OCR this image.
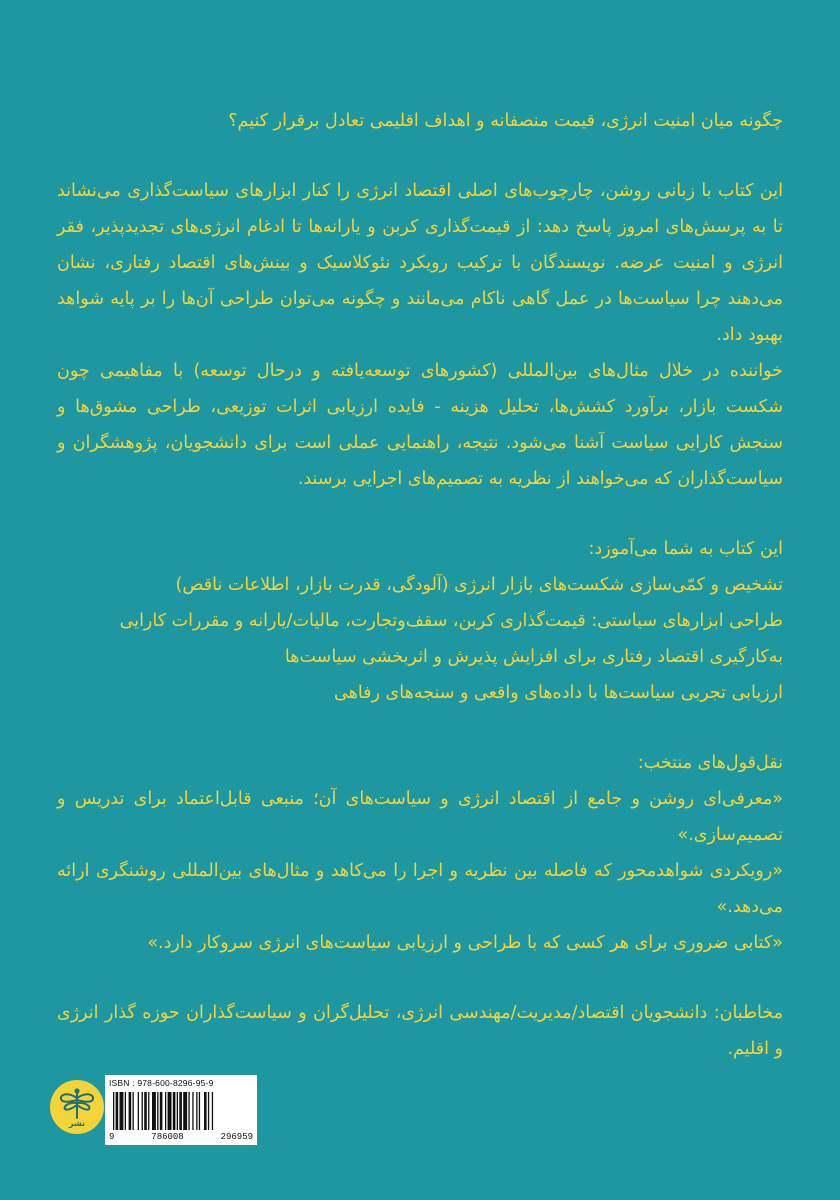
چگونه میان امنیت انرژی، قیمت منصفانه و اهداف اقلیمی تعادل برقرار کنیم؟

این کتاب با زبانی روشن، چارچوب‌های اصلی اقتصاد انرژی را کنار ابزارهای سیاست‌گذاری می‌نشاند تا به پرسش‌های امروز پاسخ دهد: از قیمت‌گذاری کربن و یارانه‌ها تا ادغام انرژی‌های تجدیدپذیر، فقر انرژی و امنیت عرضه. نویسندگان با ترکیب رویکرد نئوکلاسیک و بینش‌های اقتصاد رفتاری، نشان می‌دهند چرا سیاست‌ها در عمل گاهی ناکام می‌مانند و چگونه می‌توان طراحی آن‌ها را بر پایه شواهد بهبود داد.

خواننده در خلال مثال‌های بین‌المللی (کشورهای توسعه‌یافته و درحال توسعه) با مفاهیمی چون شکست بازار، برآورد کشش‌ها، تحلیل هزینه - فایده ارزیابی اثرات توزیعی، طراحی مشوق‌ها و سنجش کارایی سیاست آشنا می‌شود. نتیجه، راهنمایی عملی است برای دانشجویان، پژوهشگران و سیاست‌گذاران که می‌خواهند از نظریه به تصمیم‌های اجرایی برسند.

این کتاب به شما می‌آموزد:

تشخیص و کمّی‌سازی شکست‌های بازار انرژی (آلودگی، قدرت بازار، اطلاعات ناقص)
طراحی ابزارهای سیاستی: قیمت‌گذاری کربن، سقف‌وتجارت، مالیات/یارانه و مقررات کارایی
به‌کارگیری اقتصاد رفتاری برای افزایش پذیرش و اثربخشی سیاست‌ها
ارزیابی تجربی سیاست‌ها با داده‌های واقعی و سنجه‌های رفاهی

نقل‌قول‌های منتخب:

«معرفی‌ای روشن و جامع از اقتصاد انرژی و سیاست‌های آن؛ منبعی قابل‌اعتماد برای تدریس و تصمیم‌سازی.»
«رویکردی شواهدمحور که فاصله بین نظریه و اجرا را می‌کاهد و مثال‌های بین‌المللی روشنگری ارائه می‌دهد.»
«کتابی ضروری برای هر کسی که با طراحی و ارزیابی سیاست‌های انرژی سروکار دارد.»

مخاطبان: دانشجویان اقتصاد/مدیریت/مهندسی انرژی، تحلیل‌گران و سیاست‌گذاران حوزه گذار انرژی و اقلیم.

نشر
ISBN : 978-600-8296-95-9
9	786008	296959
